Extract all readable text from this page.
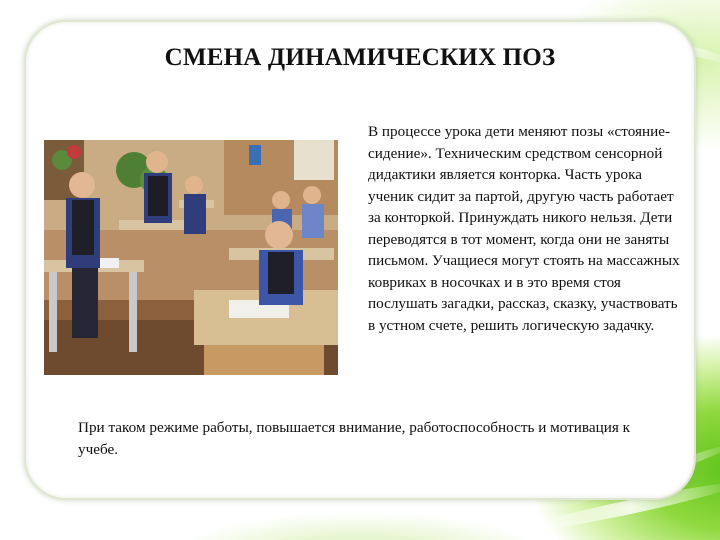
СМЕНА ДИНАМИЧЕСКИХ ПОЗ
В процессе урока дети меняют позы «стояние-сидение». Техническим средством сенсорной дидактики является конторка. Часть урока ученик сидит за партой, другую часть работает за конторкой. Принуждать никого нельзя. Дети переводятся в тот момент, когда они не заняты письмом. Учащиеся могут стоять на массажных ковриках в носочках и в это время стоя послушать загадки, рассказ, сказку, участвовать в устном счете, решить логическую задачку.
При таком режиме работы, повышается внимание, работоспособность и мотивация к учебе.
